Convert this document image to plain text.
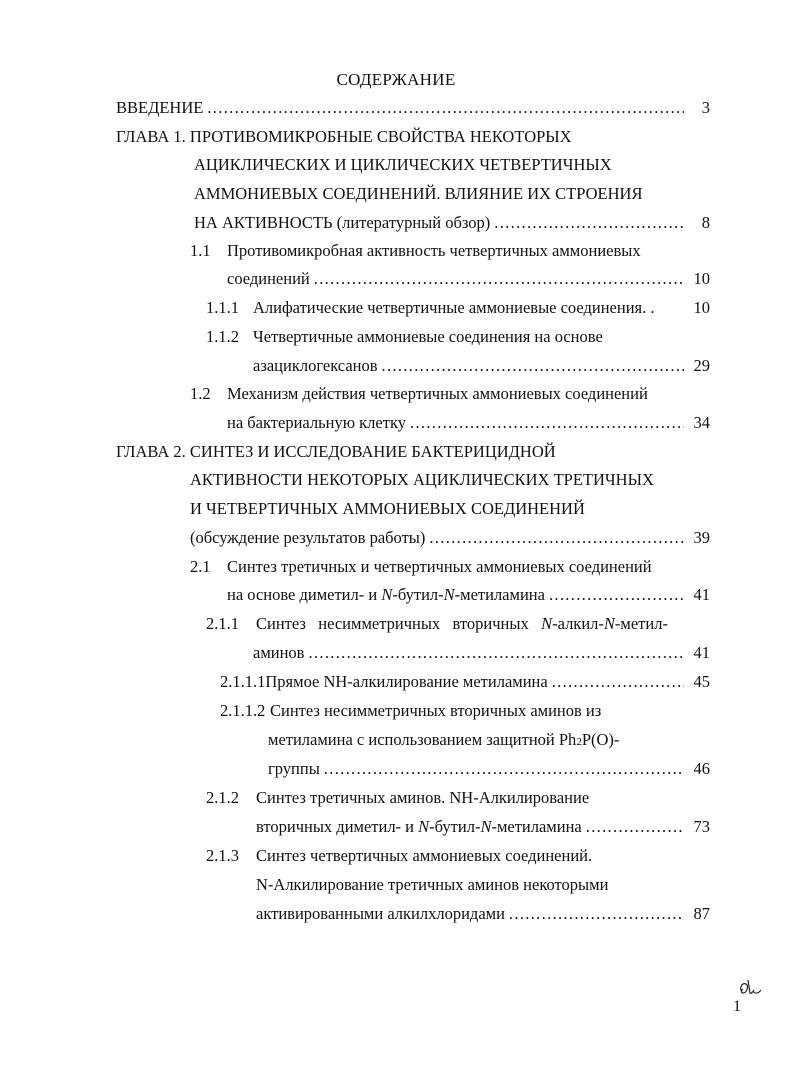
СОДЕРЖАНИЕ
ВВЕДЕНИЕ . . .	3
ГЛАВА 1. ПРОТИВОМИКРОБНЫЕ СВОЙСТВА НЕКОТОРЫХ
АЦИКЛИЧЕСКИХ И ЦИКЛИЧЕСКИХ ЧЕТВЕРТИЧНЫХ
АММОНИЕВЫХ СОЕДИНЕНИЙ. ВЛИЯНИЕ ИХ СТРОЕНИЯ
НА АКТИВНОСТЬ (литературный обзор) . . .	8
1.1 Противомикробная активность четвертичных аммониевых
соединений . . .	10
1.1.1 Алифатические четвертичные аммониевые соединения. .	10
1.1.2 Четвертичные аммониевые соединения на основе
азациклогексанов . . .	29
1.2 Механизм действия четвертичных аммониевых соединений
на бактериальную клетку . . .	34
ГЛАВА 2. СИНТЕЗ И ИССЛЕДОВАНИЕ БАКТЕРИЦИДНОЙ
АКТИВНОСТИ НЕКОТОРЫХ АЦИКЛИЧЕСКИХ ТРЕТИЧНЫХ
И ЧЕТВЕРТИЧНЫХ АММОНИЕВЫХ СОЕДИНЕНИЙ
(обсуждение результатов работы) . . .	39
2.1 Синтез третичных и четвертичных аммониевых соединений
на основе диметил- и N-бутил-N-метиламина . . .	41
2.1.1	Синтез   несимметричных   вторичных   N-алкил-N-метил-
аминов . . .	41
2.1.1.1 Прямое NH-алкилирование метиламина . . .	45
2.1.1.2 Синтез несимметричных вторичных аминов из
метиламина с использованием защитной Ph 2 P(O)-
группы . . .	46
2.1.2	Синтез третичных аминов. NH-Алкилирование
вторичных диметил- и N-бутил-N-метиламина . . .	73
2.1.3	Синтез четвертичных аммониевых соединений.
N-Алкилирование третичных аминов некоторыми
активированными алкилхлоридами . . .	87
1
